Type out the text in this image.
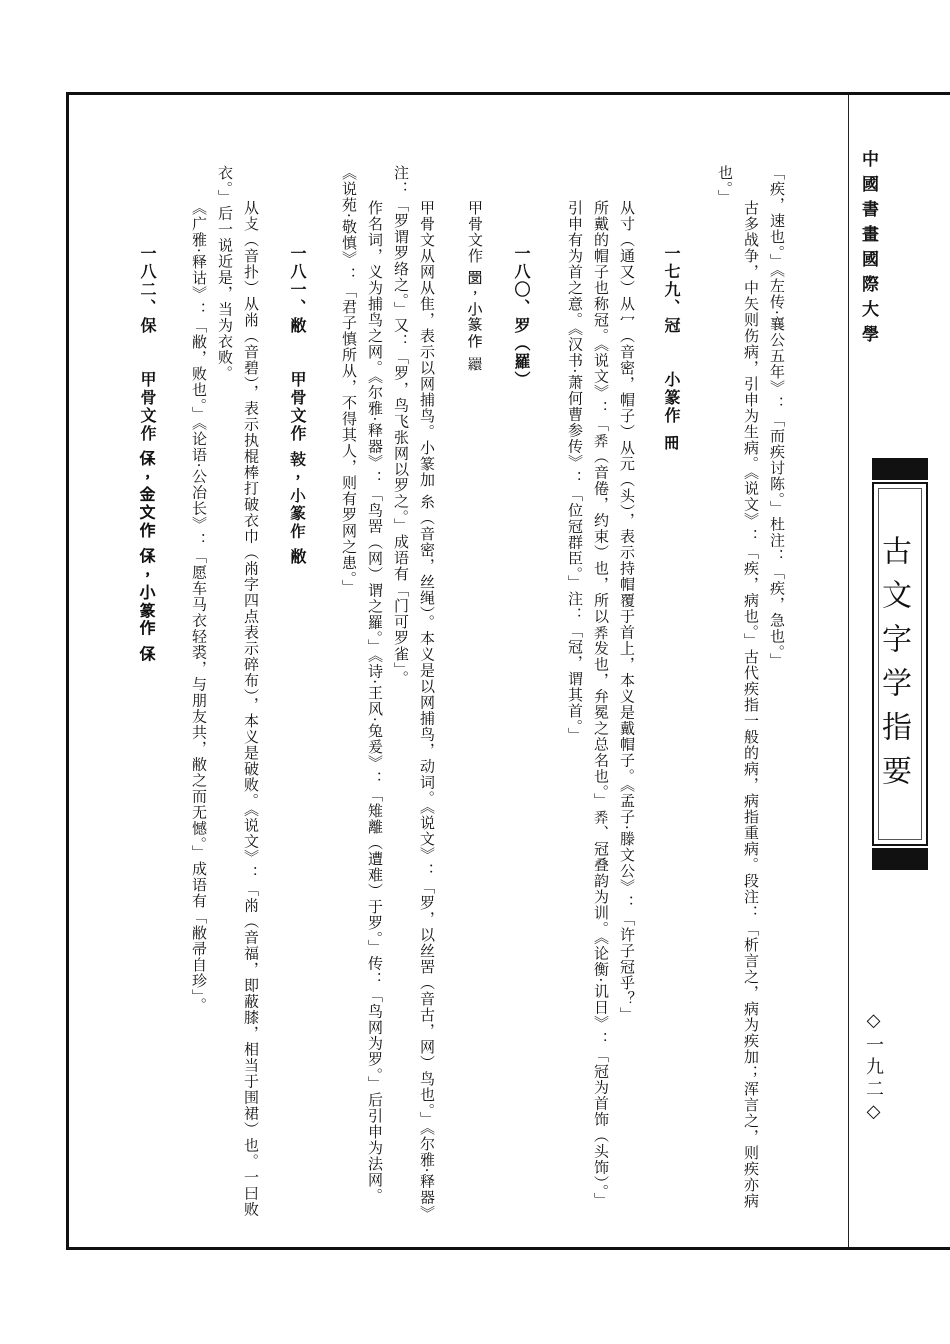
中國書畫國際大學
古文字学指要
◇一九二◇
也。」
古多战争，中矢则伤病，引申为生病。《说文》：「疾，病也。」古代疾指一般的病，病指重病。段注：「析言之，病为疾加；浑言之，则疾亦病 「疾，速也。」《左传·襄公五年》：「而疾讨陈。」杜注：「疾，急也。」
一七九、冠　　小篆作 𠕁
从寸（通又）从冖（音密，帽子）从元（头），表示持帽覆于首上，本义是戴帽子。《孟子·滕文公》：「许子冠乎？」
所戴的帽子也称冠。《说文》：「𢍏（音倦，约束）也，所以𢍏发也，弁冕之总名也。」𢍏、冠叠韵为训。《论衡·讥日》：「冠为首饰（头饰）。」
引申有为首之意。《汉书·萧何曹参传》：「位冠群臣。」注：「冠，谓其首。」
一八〇、罗（羅）
甲骨文作 𦊔，小篆作 𦌾
甲骨文从网从隹，表示以网捕鸟。小篆加 糸（音密，丝绳）。本义是以网捕鸟，动词。《说文》：「罗，以丝罟（音古，网）鸟也。」《尔雅·释器》
注：「罗谓罗络之。」又：「罗，鸟飞张网以罗之。」成语有「门可罗雀」。
作名词，义为捕鸟之网。《尔雅·释器》：「鸟罟（网）谓之羅。」《诗·王风·兔爰》：「雉離（遭难）于罗。」传：「鸟网为罗。」后引申为法网。
《说苑·敬慎》：「君子慎所从，不得其人，则有罗网之患。」
一八一、敝　　甲骨文作 𢻏，小篆作 敝
从攴（音扑）从㡀（音碧），表示执棍棒打破衣巾（㡀字四点表示碎布），本义是破败。《说文》：「㡀（音福，即蔽膝，相当于围裙）也。一曰败
衣。」后一说近是，当为衣败。
《广雅·释诂》：「敝，败也。」《论语·公冶长》：「愿车马衣轻裘，与朋友共，敝之而无憾。」成语有「敝帚自珍」。
一八二、保　　甲骨文作 𠈃，金文作 𠈃，小篆作 𠈃
